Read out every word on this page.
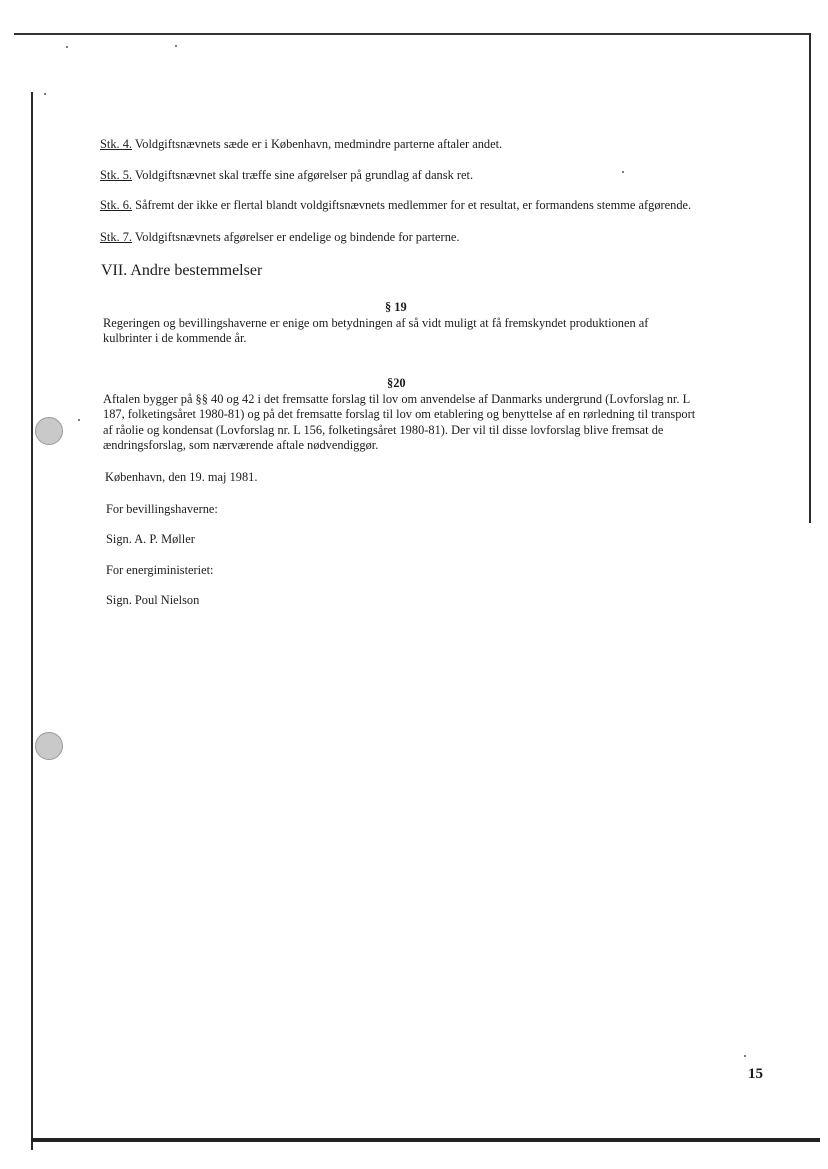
Stk. 4. Voldgiftsnævnets sæde er i København, medmindre parterne aftaler andet.
Stk. 5. Voldgiftsnævnet skal træffe sine afgørelser på grundlag af dansk ret.
Stk. 6. Såfremt der ikke er flertal blandt voldgiftsnævnets medlemmer for et resultat, er formandens stemme afgørende.
Stk. 7. Voldgiftsnævnets afgørelser er endelige og bindende for parterne.
VII. Andre bestemmelser
§ 19
Regeringen og bevillingshaverne er enige om betydningen af så vidt muligt at få fremskyndet produktionen af
kulbrinter i de kommende år.
§20
Aftalen bygger på §§ 40 og 42 i det fremsatte forslag til lov om anvendelse af Danmarks undergrund (Lovforslag nr. L
187, folketingsåret 1980-81) og på det fremsatte forslag til lov om etablering og benyttelse af en rørledning til transport
af råolie og kondensat (Lovforslag nr. L 156, folketingsåret 1980-81). Der vil til disse lovforslag blive fremsat de
ændringsforslag, som nærværende aftale nødvendiggør.
København, den 19. maj 1981.
For bevillingshaverne:
Sign. A. P. Møller
For energiministeriet:
Sign. Poul Nielson
15
